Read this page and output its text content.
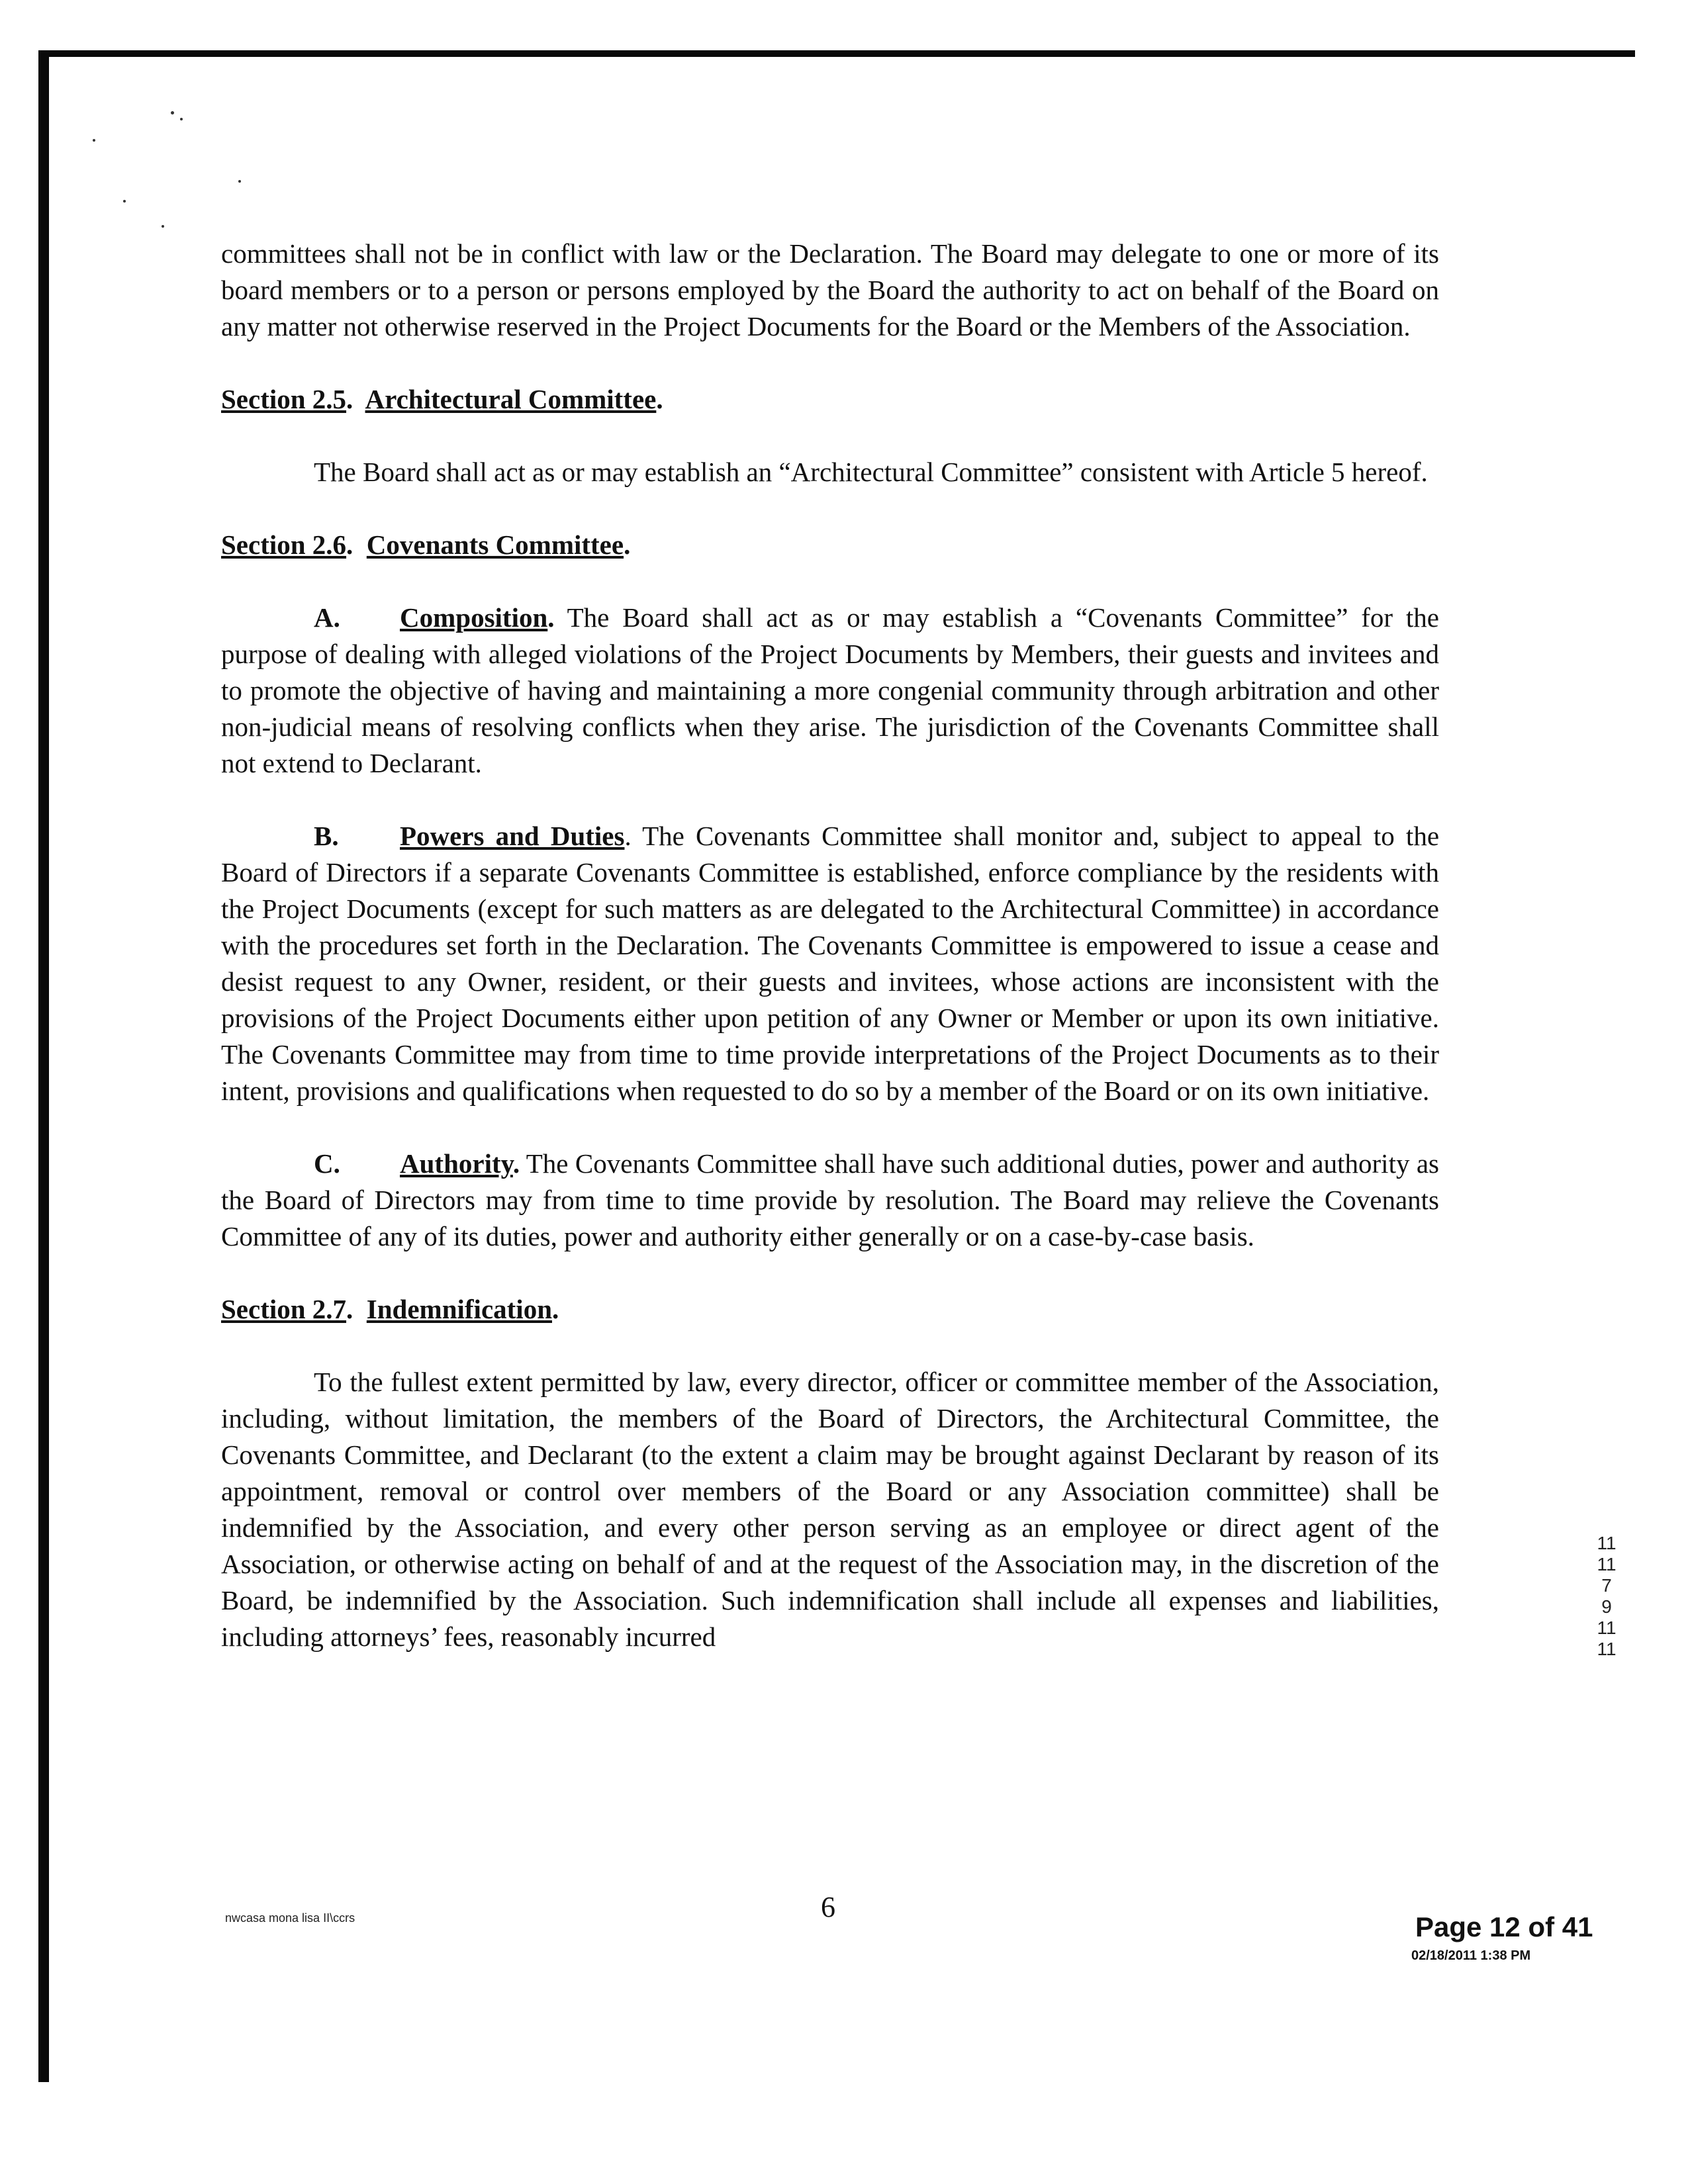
committees shall not be in conflict with law or the Declaration. The Board may delegate to one or more of its board members or to a person or persons employed by the Board the authority to act on behalf of the Board on any matter not otherwise reserved in the Project Documents for the Board or the Members of the Association.

Section 2.5.  Architectural Committee.

The Board shall act as or may establish an “Architectural Committee” consistent with Article 5 hereof.

Section 2.6.  Covenants Committee.

A. Composition. The Board shall act as or may establish a “Covenants Committee” for the purpose of dealing with alleged violations of the Project Documents by Members, their guests and invitees and to promote the objective of having and maintaining a more congenial community through arbitration and other non-judicial means of resolving conflicts when they arise. The jurisdiction of the Covenants Committee shall not extend to Declarant.

B. Powers and Duties. The Covenants Committee shall monitor and, subject to appeal to the Board of Directors if a separate Covenants Committee is established, enforce compliance by the residents with the Project Documents (except for such matters as are delegated to the Architectural Committee) in accordance with the procedures set forth in the Declaration. The Covenants Committee is empowered to issue a cease and desist request to any Owner, resident, or their guests and invitees, whose actions are inconsistent with the provisions of the Project Documents either upon petition of any Owner or Member or upon its own initiative. The Covenants Committee may from time to time provide interpretations of the Project Documents as to their intent, provisions and qualifications when requested to do so by a member of the Board or on its own initiative.

C. Authority. The Covenants Committee shall have such additional duties, power and authority as the Board of Directors may from time to time provide by resolution. The Board may relieve the Covenants Committee of any of its duties, power and authority either generally or on a case-by-case basis.

Section 2.7.  Indemnification.

To the fullest extent permitted by law, every director, officer or committee member of the Association, including, without limitation, the members of the Board of Directors, the Architectural Committee, the Covenants Committee, and Declarant (to the extent a claim may be brought against Declarant by reason of its appointment, removal or control over members of the Board or any Association committee) shall be indemnified by the Association, and every other person serving as an employee or direct agent of the Association, or otherwise acting on behalf of and at the request of the Association may, in the discretion of the Board, be indemnified by the Association. Such indemnification shall include all expenses and liabilities, including attorneys’ fees, reasonably incurred

nwcasa mona lisa II\ccrs	6
Page 12 of 41
02/18/2011 1:38 PM
1111791111
